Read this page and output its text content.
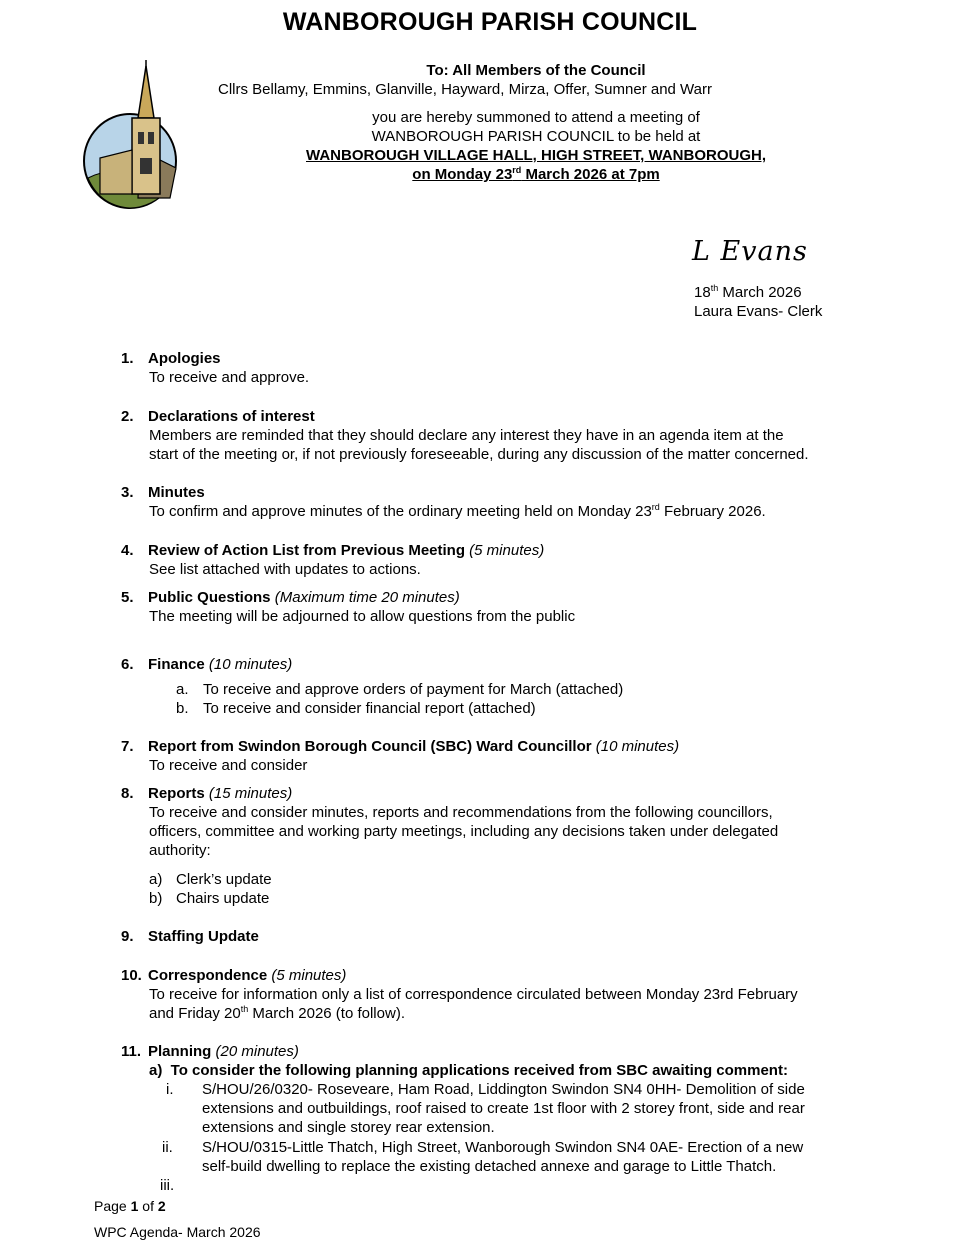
WANBOROUGH PARISH COUNCIL
To: All Members of the Council
Cllrs Bellamy, Emmins, Glanville, Hayward, Mirza, Offer, Sumner and Warr
you are hereby summoned to attend a meeting of
WANBOROUGH PARISH COUNCIL to be held at
WANBOROUGH VILLAGE HALL, HIGH STREET, WANBOROUGH,
on Monday 23rd March 2026 at 7pm
L Evans
18th March 2026
Laura Evans- Clerk
1. Apologies
To receive and approve.
2. Declarations of interest
Members are reminded that they should declare any interest they have in an agenda item at the
start of the meeting or, if not previously foreseeable, during any discussion of the matter concerned.
3. Minutes
To confirm and approve minutes of the ordinary meeting held on Monday 23rd February 2026.
4. Review of Action List from Previous Meeting (5 minutes)
See list attached with updates to actions.
5. Public Questions (Maximum time 20 minutes)
The meeting will be adjourned to allow questions from the public
6. Finance (10 minutes)
a. To receive and approve orders of payment for March (attached)
b. To receive and consider financial report (attached)
7. Report from Swindon Borough Council (SBC) Ward Councillor (10 minutes)
To receive and consider
8. Reports (15 minutes)
To receive and consider minutes, reports and recommendations from the following councillors,
officers, committee and working party meetings, including any decisions taken under delegated
authority:
a) Clerk’s update
b) Chairs update
9. Staffing Update
10. Correspondence (5 minutes)
To receive for information only a list of correspondence circulated between Monday 23rd February
and Friday 20th March 2026 (to follow).
11. Planning (20 minutes)
a)  To consider the following planning applications received from SBC awaiting comment:
i. S/HOU/26/0320- Roseveare, Ham Road, Liddington Swindon SN4 0HH- Demolition of side
extensions and outbuildings, roof raised to create 1st floor with 2 storey front, side and rear
extensions and single storey rear extension.
ii. S/HOU/0315-Little Thatch, High Street, Wanborough Swindon SN4 0AE- Erection of a new
self-build dwelling to replace the existing detached annexe and garage to Little Thatch.
iii.
Page 1 of 2
WPC Agenda- March 2026
